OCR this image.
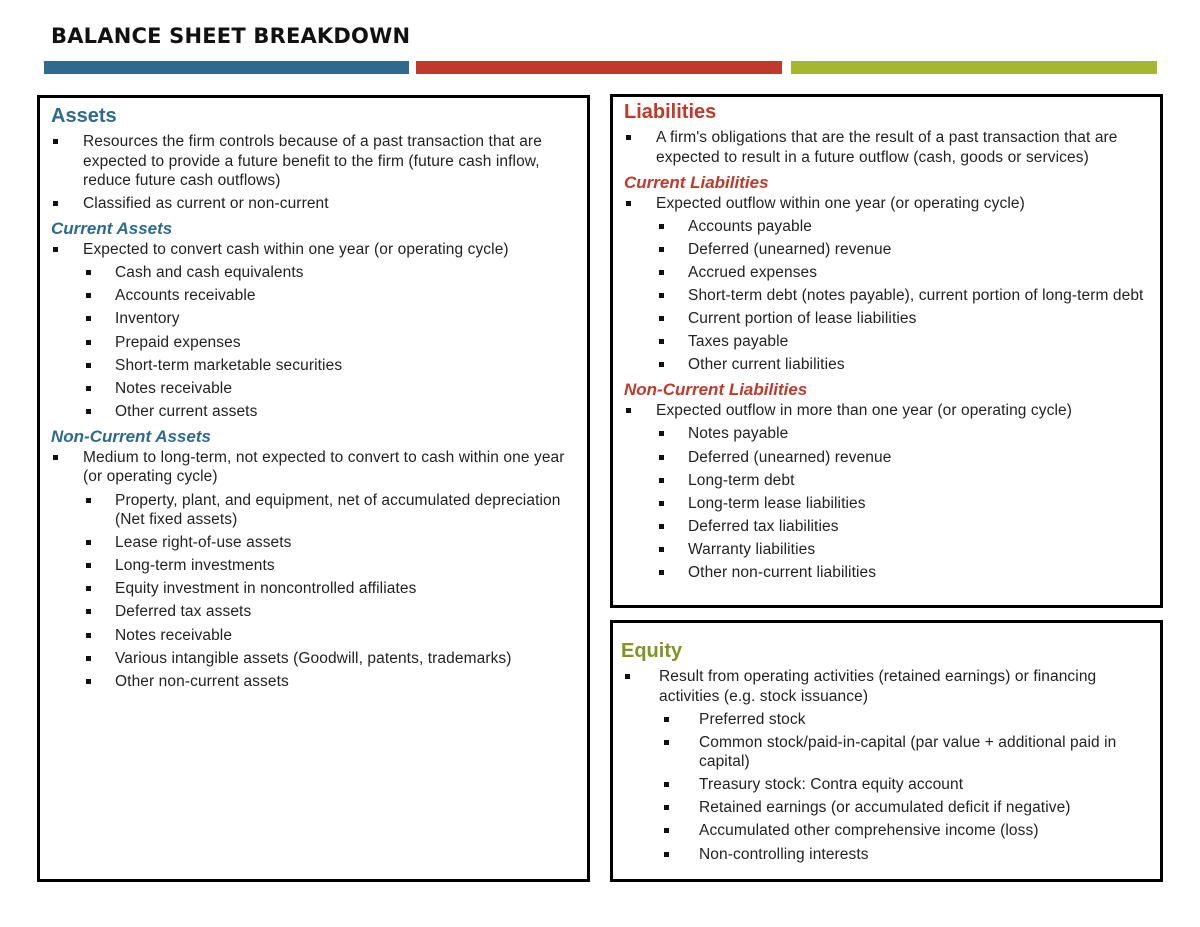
BALANCE SHEET BREAKDOWN
Assets
Resources the firm controls because of a past transaction that are expected to provide a future benefit to the firm (future cash inflow, reduce future cash outflows)
Classified as current or non-current
Current Assets
Expected to convert cash within one year (or operating cycle)
Cash and cash equivalents
Accounts receivable
Inventory
Prepaid expenses
Short-term marketable securities
Notes receivable
Other current assets
Non-Current Assets
Medium to long-term, not expected to convert to cash within one year (or operating cycle)
Property, plant, and equipment, net of accumulated depreciation (Net fixed assets)
Lease right-of-use assets
Long-term investments
Equity investment in noncontrolled affiliates
Deferred tax assets
Notes receivable
Various intangible assets (Goodwill, patents, trademarks)
Other non-current assets
Liabilities
A firm's obligations that are the result of a past transaction that are expected to result in a future outflow (cash, goods or services)
Current Liabilities
Expected outflow within one year (or operating cycle)
Accounts payable
Deferred (unearned) revenue
Accrued expenses
Short-term debt (notes payable), current portion of long-term debt
Current portion of lease liabilities
Taxes payable
Other current liabilities
Non-Current Liabilities
Expected outflow in more than one year (or operating cycle)
Notes payable
Deferred (unearned) revenue
Long-term debt
Long-term lease liabilities
Deferred tax liabilities
Warranty liabilities
Other non-current liabilities
Equity
Result from operating activities (retained earnings) or financing activities (e.g. stock issuance)
Preferred stock
Common stock/paid-in-capital (par value + additional paid in capital)
Treasury stock: Contra equity account
Retained earnings (or accumulated deficit if negative)
Accumulated other comprehensive income (loss)
Non-controlling interests
